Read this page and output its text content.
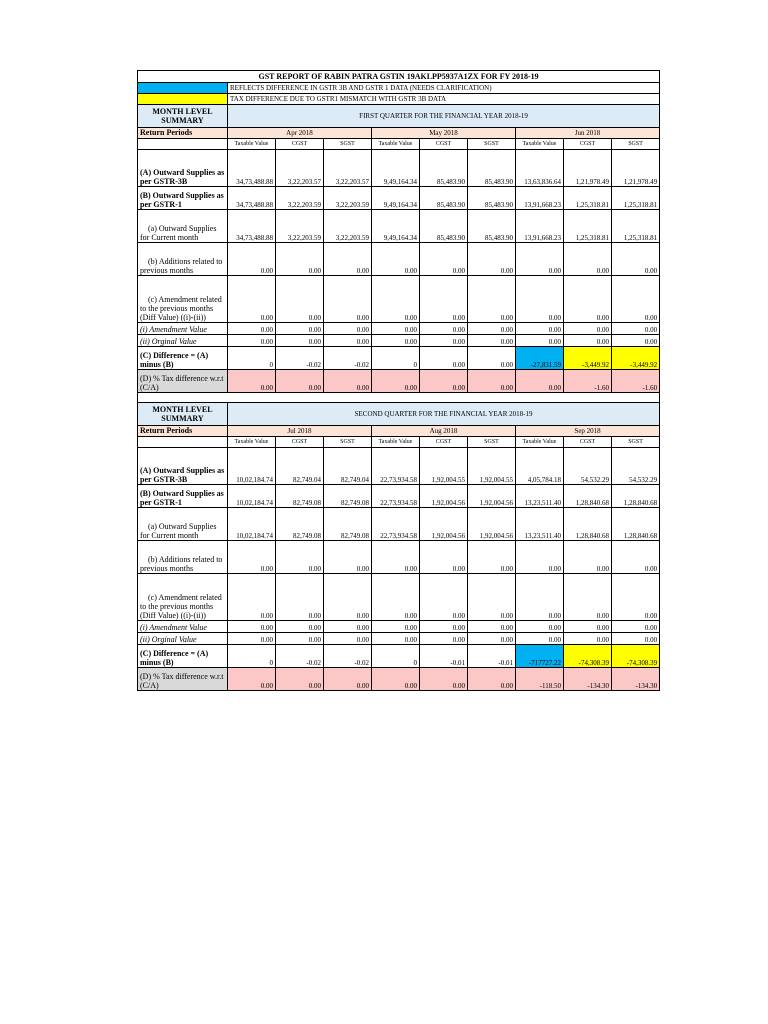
GST REPORT OF RABIN PATRA GSTIN 19AKLPP5937A1ZX FOR FY 2018-19									
	REFLECTS DIFFERENCE IN GSTR 3B AND GSTR 1 DATA (NEEDS CLARIFICATION)								
	TAX DIFFERENCE DUE TO GSTR1 MISMATCH WITH GSTR 3B DATA								
MONTH LEVEL SUMMARY	FIRST QUARTER FOR THE FINANCIAL YEAR 2018-19								
Return Periods	Apr 2018			May 2018			Jun 2018		
	Taxable Value	CGST	SGST	Taxable Value	CGST	SGST	Taxable Value	CGST	SGST
(A) Outward Supplies as per GSTR-3B	34,73,488.88	3,22,203.57	3,22,203.57	9,49,164.34	85,483.90	85,483.90	13,63,836.64	1,21,978.49	1,21,978.49
(B) Outward Supplies as per GSTR-1	34,73,488.88	3,22,203.59	3,22,203.59	9,49,164.34	85,483.90	85,483.90	13,91,668.23	1,25,318.81	1,25,318.81
(a) Outward Supplies for Current month	34,73,488.88	3,22,203.59	3,22,203.59	9,49,164.34	85,483.90	85,483.90	13,91,668.23	1,25,318.81	1,25,318.81
(b) Additions related to previous months	0.00	0.00	0.00	0.00	0.00	0.00	0.00	0.00	0.00
(c) Amendment related to the previous months (Diff Value) ((i)-(ii))	0.00	0.00	0.00	0.00	0.00	0.00	0.00	0.00	0.00
(i) Amendment Value	0.00	0.00	0.00	0.00	0.00	0.00	0.00	0.00	0.00
(ii) Orginal Value	0.00	0.00	0.00	0.00	0.00	0.00	0.00	0.00	0.00
(C) Difference = (A) minus (B)	0	-0.02	-0.02	0	0.00	0.00	-27,831.59	-3,449.92	-3,449.92
(D) % Tax difference w.r.t (C/A)	0.00	0.00	0.00	0.00	0.00	0.00	0.00	-1.60	-1.60

MONTH LEVEL SUMMARY	SECOND QUARTER FOR THE FINANCIAL YEAR 2018-19								
Return Periods	Jul 2018			Aug 2018			Sep 2018		
	Taxable Value	CGST	SGST	Taxable Value	CGST	SGST	Taxable Value	CGST	SGST
(A) Outward Supplies as per GSTR-3B	10,02,184.74	82,749.04	82,749.04	22,73,934.58	1,92,004.55	1,92,004.55	4,05,784.18	54,532.29	54,532.29
(B) Outward Supplies as per GSTR-1	10,02,184.74	82,749.08	82,749.08	22,73,934.58	1,92,004.56	1,92,004.56	13,23,511.40	1,28,840.68	1,28,840.68
(a) Outward Supplies for Current month	10,02,184.74	82,749.08	82,749.08	22,73,934.58	1,92,004.56	1,92,004.56	13,23,511.40	1,28,840.68	1,28,840.68
(b) Additions related to previous months	0.00	0.00	0.00	0.00	0.00	0.00	0.00	0.00	0.00
(c) Amendment related to the previous months (Diff Value) ((i)-(ii))	0.00	0.00	0.00	0.00	0.00	0.00	0.00	0.00	0.00
(i) Amendment Value	0.00	0.00	0.00	0.00	0.00	0.00	0.00	0.00	0.00
(ii) Orginal Value	0.00	0.00	0.00	0.00	0.00	0.00	0.00	0.00	0.00
(C) Difference = (A) minus (B)	0	-0.02	-0.02	0	-0.01	-0.01	-717727.22	-74,308.39	-74,308.39
(D) % Tax difference w.r.t (C/A)	0.00	0.00	0.00	0.00	0.00	0.00	-118.50	-134.30	-134.30
